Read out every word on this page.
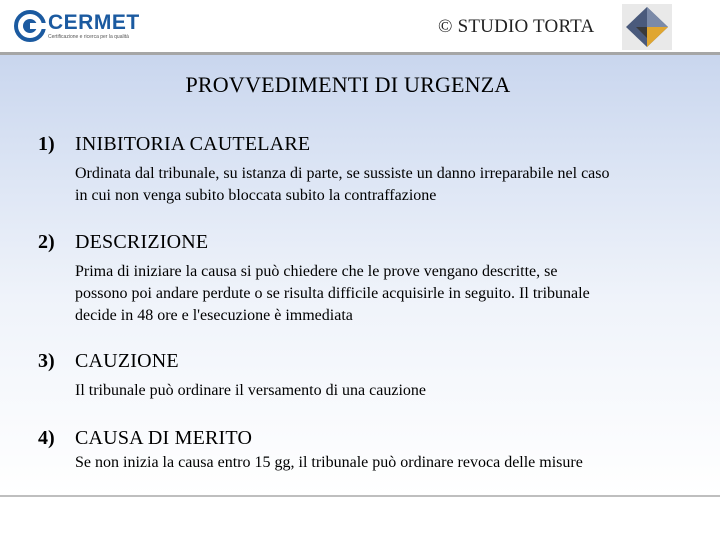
CERMET
Certificazione e ricerca per la qualità	© STUDIO TORTA
PROVVEDIMENTI DI URGENZA
1) INIBITORIA CAUTELARE
Ordinata dal tribunale, su istanza di parte, se sussiste un danno irreparabile nel caso
in cui non venga subito bloccata subito la contraffazione
2) DESCRIZIONE
Prima di iniziare la causa si può chiedere che le prove vengano descritte, se
possono poi andare perdute o se risulta difficile acquisirle in seguito. Il tribunale
decide in 48 ore e l'esecuzione è immediata
3) CAUZIONE
Il tribunale può ordinare il versamento di una cauzione
4) CAUSA DI MERITO
Se non inizia la causa entro 15 gg, il tribunale può ordinare revoca delle misure
